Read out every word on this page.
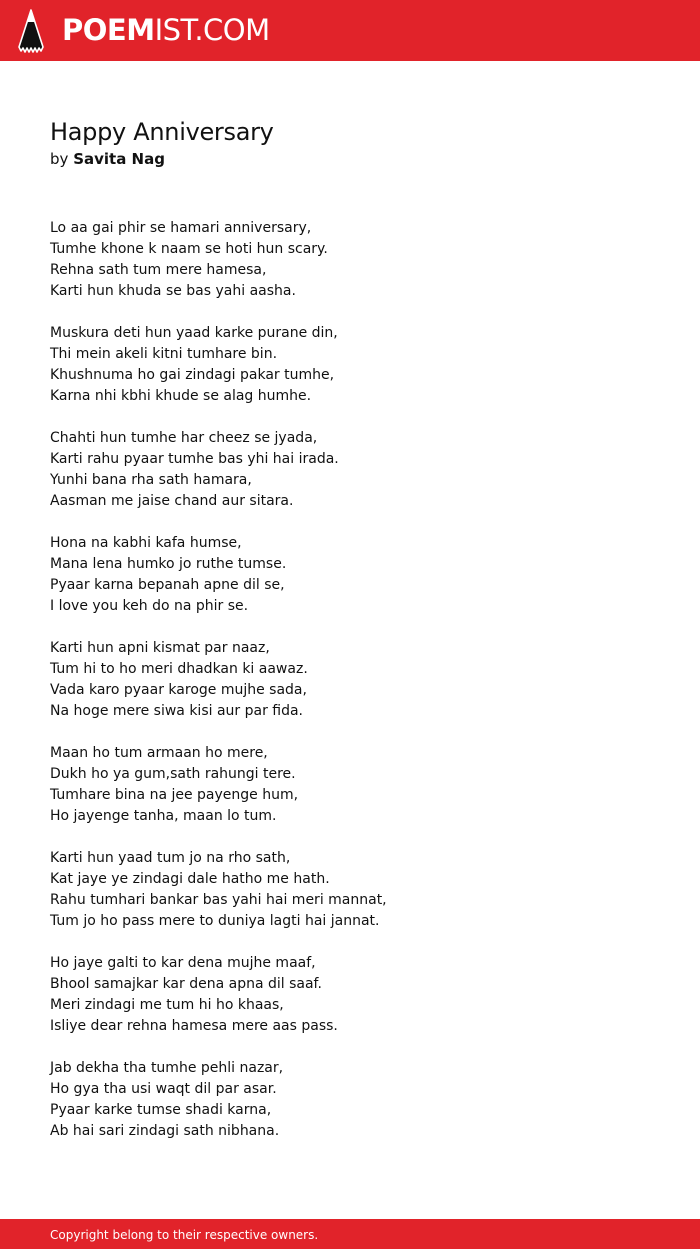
POEMIST.COM
Happy Anniversary
by Savita Nag
Lo aa gai phir se hamari anniversary,
Tumhe khone k naam se hoti hun scary.
Rehna sath tum mere hamesa,
Karti hun khuda se bas yahi aasha.
Muskura deti hun yaad karke purane din,
Thi mein akeli kitni tumhare bin.
Khushnuma ho gai zindagi pakar tumhe,
Karna nhi kbhi khude se alag humhe.
Chahti hun tumhe har cheez se jyada,
Karti rahu pyaar tumhe bas yhi hai irada.
Yunhi bana rha sath hamara,
Aasman me jaise chand aur sitara.
Hona na kabhi kafa humse,
Mana lena humko jo ruthe tumse.
Pyaar karna bepanah apne dil se,
I love you keh do na phir se.
Karti hun apni kismat par naaz,
Tum hi to ho meri dhadkan ki aawaz.
Vada karo pyaar karoge mujhe sada,
Na hoge mere siwa kisi aur par fida.
Maan ho tum armaan ho mere,
Dukh ho ya gum,sath rahungi tere.
Tumhare bina na jee payenge hum,
Ho jayenge tanha, maan lo tum.
Karti hun yaad tum jo na rho sath,
Kat jaye ye zindagi dale hatho me hath.
Rahu tumhari bankar bas yahi hai meri mannat,
Tum jo ho pass mere to duniya lagti hai jannat.
Ho jaye galti to kar dena mujhe maaf,
Bhool samajkar kar dena apna dil saaf.
Meri zindagi me tum hi ho khaas,
Isliye dear rehna hamesa mere aas pass.
Jab dekha tha tumhe pehli nazar,
Ho gya tha usi waqt dil par asar.
Pyaar karke tumse shadi karna,
Ab hai sari zindagi sath nibhana.
Copyright belong to their respective owners.
